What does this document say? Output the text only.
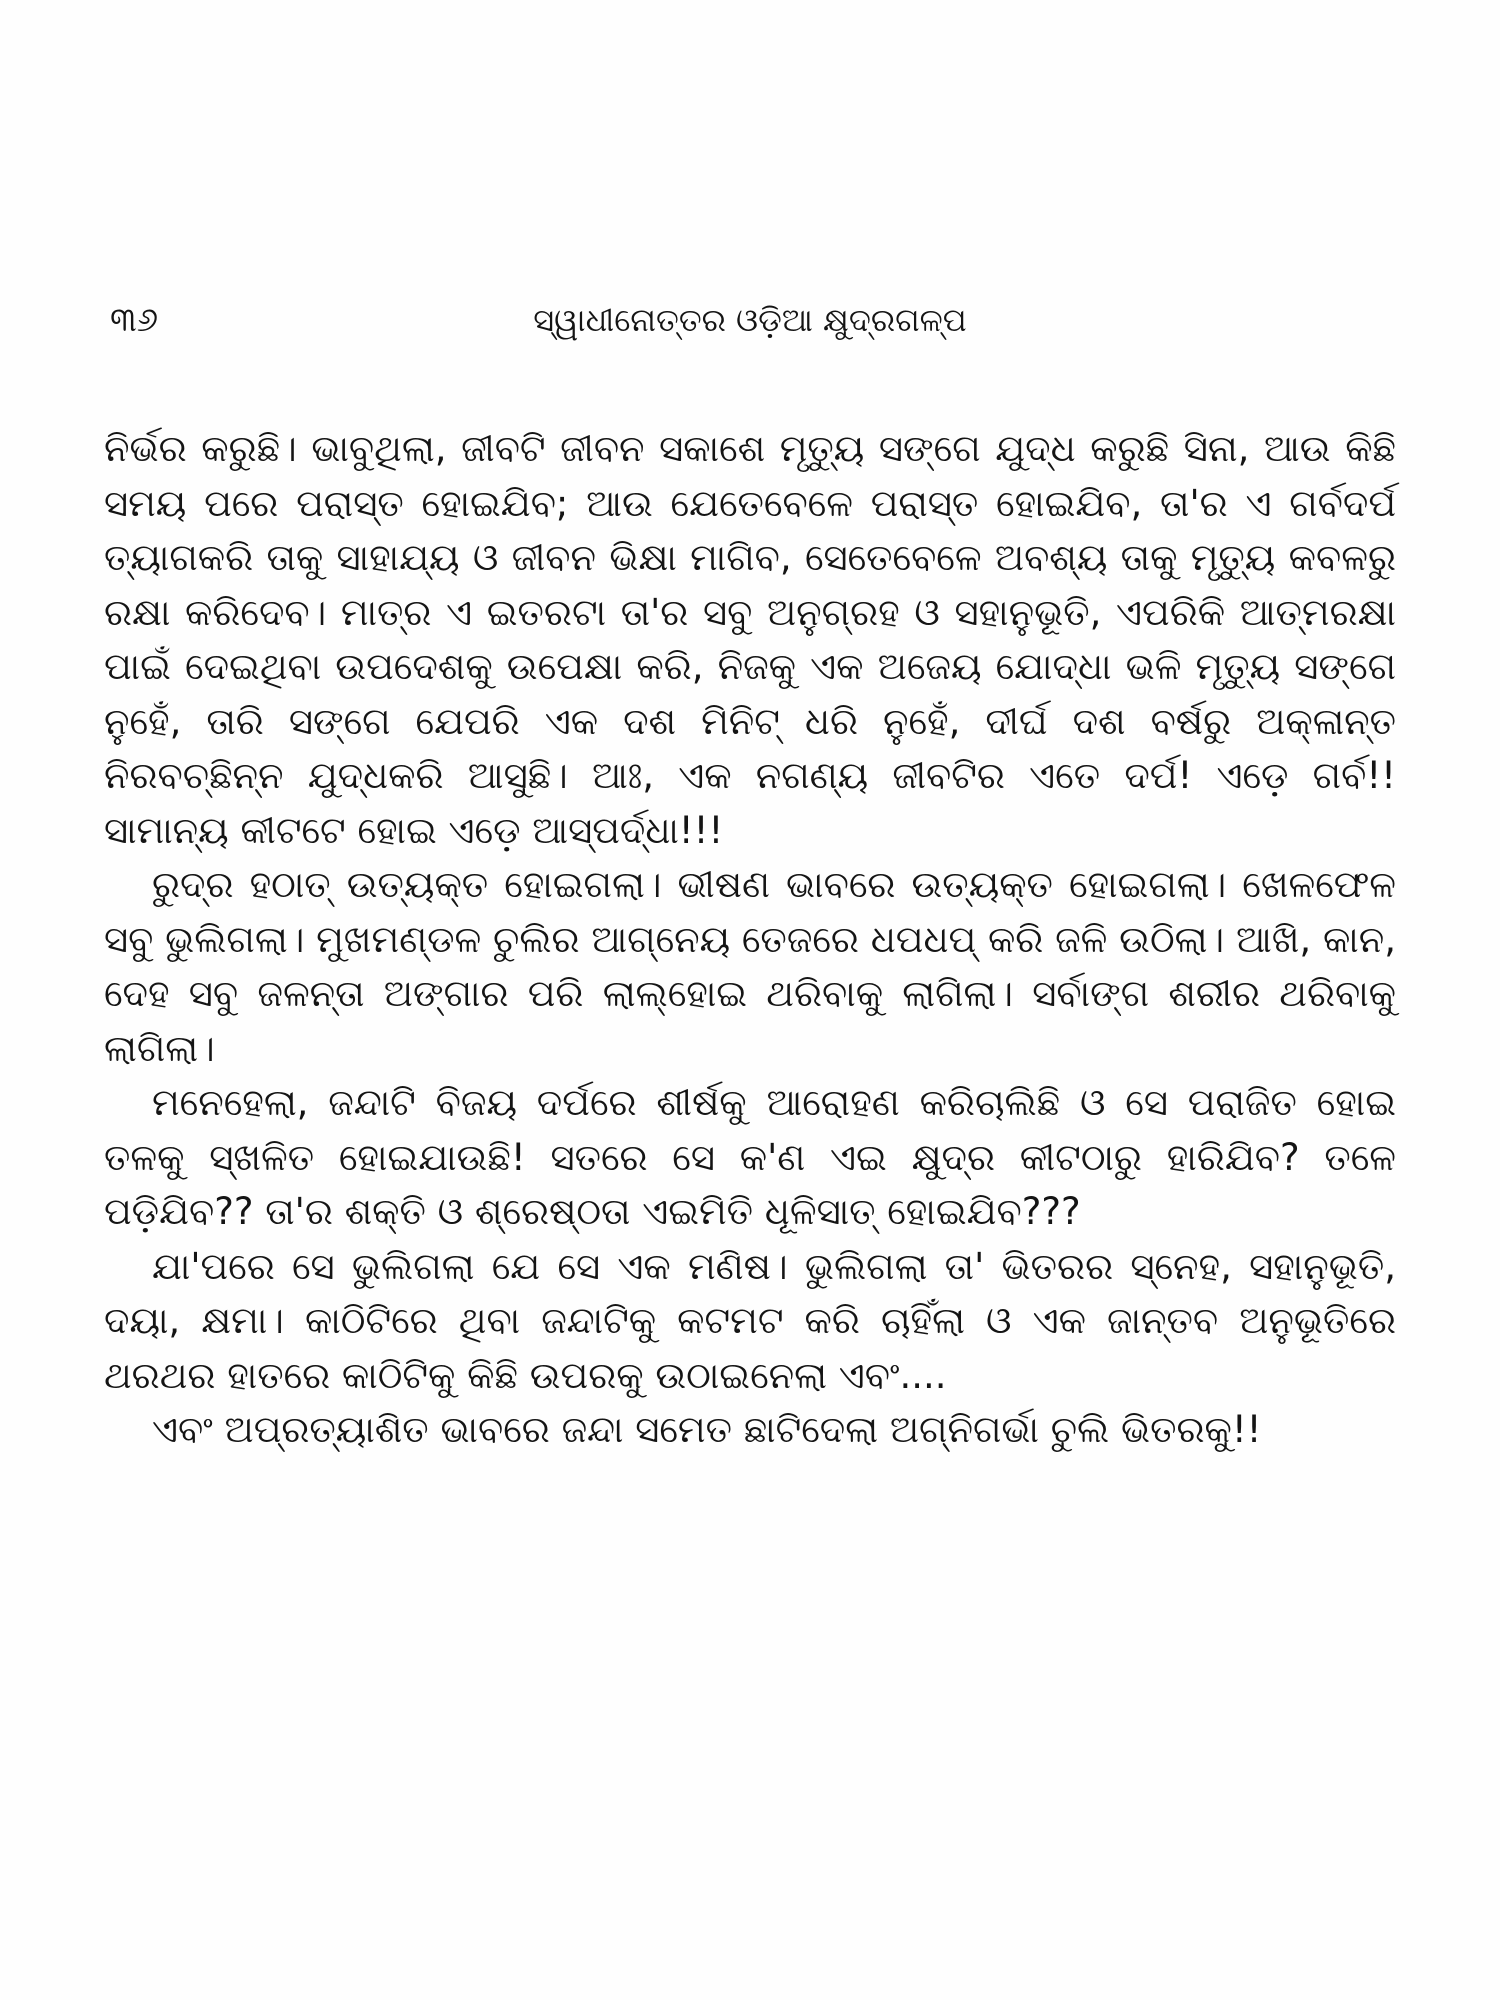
୩୬	ସ୍ୱାଧୀନୋତ୍ତର ଓଡ଼ିଆ କ୍ଷୁଦ୍ରଗଳ୍ପ

ନିର୍ଭର କରୁଛି। ଭାବୁଥିଲା, ଜୀବଟି ଜୀବନ ସକାଶେ ମୃତ୍ୟୁ ସଙ୍ଗେ ଯୁଦ୍ଧ କରୁଛି ସିନା, ଆଉ କିଛି ସମୟ ପରେ ପରାସ୍ତ ହୋଇଯିବ; ଆଉ ଯେତେବେଳେ ପରାସ୍ତ ହୋଇଯିବ, ତା'ର ଏ ଗର୍ବଦର୍ପ ତ୍ୟାଗକରି ତାକୁ ସାହାଯ୍ୟ ଓ ଜୀବନ ଭିକ୍ଷା ମାଗିବ, ସେତେବେଳେ ଅବଶ୍ୟ ତାକୁ ମୃତ୍ୟୁ କବଳରୁ ରକ୍ଷା କରିଦେବ। ମାତ୍ର ଏ ଇତରଟା ତା'ର ସବୁ ଅନୁଗ୍ରହ ଓ ସହାନୁଭୂତି, ଏପରିକି ଆତ୍ମରକ୍ଷା ପାଇଁ ଦେଇଥିବା ଉପଦେଶକୁ ଉପେକ୍ଷା କରି, ନିଜକୁ ଏକ ଅଜେୟ ଯୋଦ୍ଧା ଭଳି ମୃତ୍ୟୁ ସଙ୍ଗେ ନୁହେଁ, ତାରି ସଙ୍ଗେ ଯେପରି ଏକ ଦଶ ମିନିଟ୍ ଧରି ନୁହେଁ, ଦୀର୍ଘ ଦଶ ବର୍ଷରୁ ଅକ୍ଳାନ୍ତ ନିରବଚ୍ଛିନ୍ନ ଯୁଦ୍ଧକରି ଆସୁଛି। ଆଃ, ଏକ ନଗଣ୍ୟ ଜୀବଟିର ଏତେ ଦର୍ପ! ଏଡ଼େ ଗର୍ବ!! ସାମାନ୍ୟ କୀଟଟେ ହୋଇ ଏଡ଼େ ଆସ୍ପର୍ଦ୍ଧା!!!

ରୁଦ୍ର ହଠାତ୍ ଉତ୍ୟକ୍ତ ହୋଇଗଲା। ଭୀଷଣ ଭାବରେ ଉତ୍ୟକ୍ତ ହୋଇଗଲା। ଖେଳଫେଳ ସବୁ ଭୁଲିଗଲା। ମୁଖମଣ୍ଡଳ ଚୁଲିର ଆଗ୍ନେୟ ତେଜରେ ଧପଧପ୍ କରି ଜଳି ଉଠିଲା। ଆଖି, କାନ, ଦେହ ସବୁ ଜଳନ୍ତା ଅଙ୍ଗାର ପରି ଲାଲ୍‌ହୋଇ ଥରିବାକୁ ଲାଗିଲା। ସର୍ବାଙ୍ଗ ଶରୀର ଥରିବାକୁ ଲାଗିଲା।

ମନେହେଲା, ଜନ୍ଦାଟି ବିଜୟ ଦର୍ପରେ ଶୀର୍ଷକୁ ଆରୋହଣ କରିଚାଲିଛି ଓ ସେ ପରାଜିତ ହୋଇ ତଳକୁ ସ୍ଖଳିତ ହୋଇଯାଉଛି! ସତରେ ସେ କ'ଣ ଏଇ କ୍ଷୁଦ୍ର କୀଟଠାରୁ ହାରିଯିବ? ତଳେ ପଡ଼ିଯିବ?? ତା'ର ଶକ୍ତି ଓ ଶ୍ରେଷ୍ଠତା ଏଇମିତି ଧୂଳିସାତ୍ ହୋଇଯିବ???

ଯା'ପରେ ସେ ଭୁଲିଗଲା ଯେ ସେ ଏକ ମଣିଷ। ଭୁଲିଗଲା ତା' ଭିତରର ସ୍ନେହ, ସହାନୁଭୂତି, ଦୟା, କ୍ଷମା। କାଠିଟିରେ ଥିବା ଜନ୍ଦାଟିକୁ କଟମଟ କରି ଚାହିଁଲା ଓ ଏକ ଜାନ୍ତବ ଅନୁଭୂତିରେ ଥରଥର ହାତରେ କାଠିଟିକୁ କିଛି ଉପରକୁ ଉଠାଇନେଲା ଏବଂ....

ଏବଂ ଅପ୍ରତ୍ୟାଶିତ ଭାବରେ ଜନ୍ଦା ସମେତ ଛାଟିଦେଲା ଅଗ୍ନିଗର୍ଭା ଚୁଲି ଭିତରକୁ!!
